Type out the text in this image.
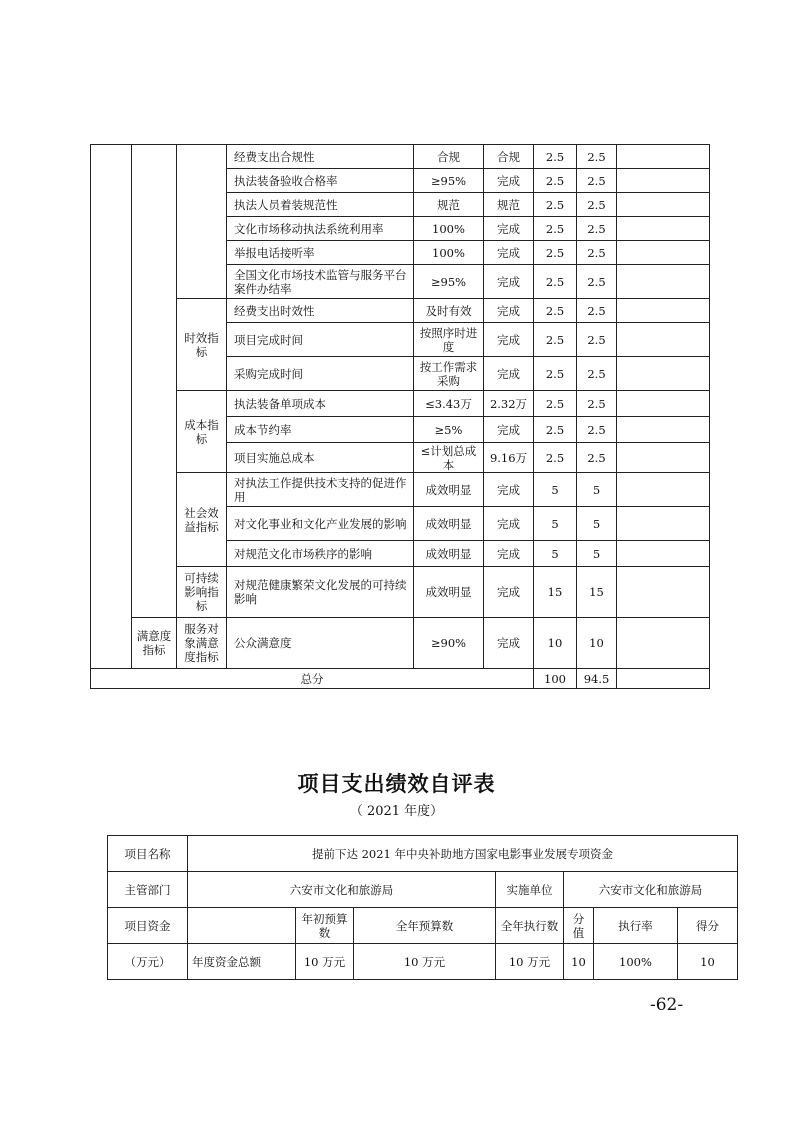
			经费支出合规性	合规	合规	2.5	2.5	
			执法装备验收合格率	≥95%	完成	2.5	2.5	
			执法人员着装规范性	规范	规范	2.5	2.5	
			文化市场移动执法系统利用率	100%	完成	2.5	2.5	
			举报电话接听率	100%	完成	2.5	2.5	
			全国文化市场技术监管与服务平台案件办结率	≥95%	完成	2.5	2.5	
		时效指标	经费支出时效性	及时有效	完成	2.5	2.5	
			项目完成时间	按照序时进度	完成	2.5	2.5	
			采购完成时间	按工作需求采购	完成	2.5	2.5	
		成本指标	执法装备单项成本	≤3.43万	2.32万	2.5	2.5	
			成本节约率	≥5%	完成	2.5	2.5	
			项目实施总成本	≤计划总成本	9.16万	2.5	2.5	
		社会效益指标	对执法工作提供技术支持的促进作用	成效明显	完成	5	5	
			对文化事业和文化产业发展的影响	成效明显	完成	5	5	
			对规范文化市场秩序的影响	成效明显	完成	5	5	
		可持续影响指标	对规范健康繁荣文化发展的可持续影响	成效明显	完成	15	15	
	满意度指标	服务对象满意度指标	公众满意度	≥90%	完成	10	10	
总分						100	94.5	
项目支出绩效自评表
（ 2021 年度）
项目名称	提前下达 2021 年中央补助地方国家电影事业发展专项资金						
主管部门	六安市文化和旅游局			实施单位	六安市文化和旅游局		
项目资金		年初预算数	全年预算数	全年执行数	分值	执行率	得分
（万元）	年度资金总额	10 万元	10 万元	10 万元	10	100%	10
-62-
